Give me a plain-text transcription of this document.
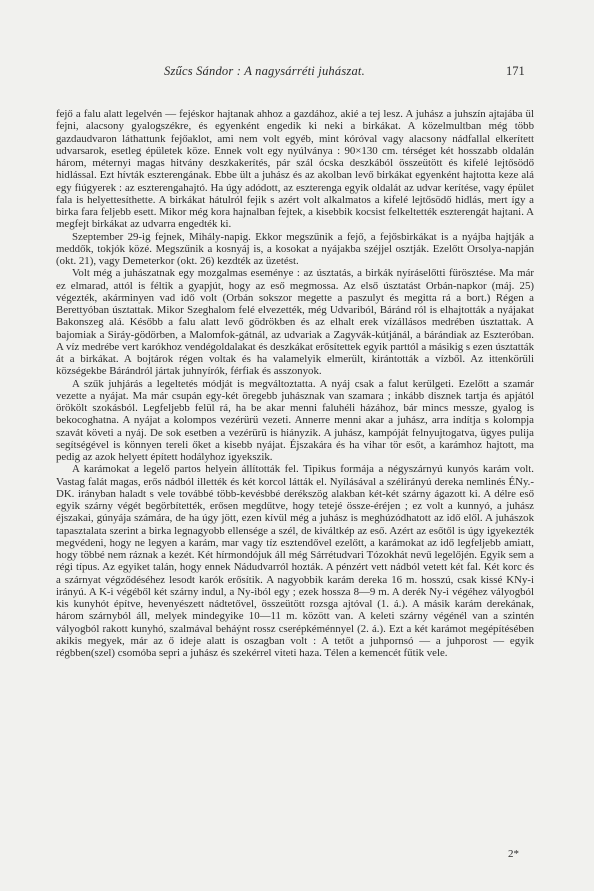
Szűcs Sándor : A nagysárréti juhászat.	171

fejő a falu alatt legelvén — fejéskor hajtanak ahhoz a gazdához, akié a tej lesz. A juhász a juhszín ajtajába ül fejni, alacsony gyalogszékre, és egyenként engedik ki neki a birkákat. A közelmultban még több gazdaudvaron láthattunk fejőaklot, ami nem volt egyéb, mint kóróval vagy alacsony nádfallal elkerített udvarsarok, esetleg épületek köze. Ennek volt egy nyúlványa : 90×130 cm. térséget két hosszabb oldalán három, méternyi magas hitvány deszkakerítés, pár szál ócska deszkából összeütött és kifelé lejtősödő hidlással. Ezt hívták eszterengának. Ebbe ült a juhász és az akolban levő birkákat egyenként hajtotta keze alá egy fiúgyerek : az eszterengahajtó. Ha úgy adódott, az eszterenga egyik oldalát az udvar kerítése, vagy épület fala is helyettesíthette. A birkákat hátulról fejik s azért volt alkalmatos a kifelé lejtősödő hidlás, mert így a birka fara feljebb esett. Mikor még kora hajnalban fejtek, a kisebbik kocsist felkeltették eszterengát hajtani. A megfejt birkákat az udvarra engedték ki.

Szeptember 29-ig fejnek, Mihály-napig. Ekkor megszűnik a fejő, a fejősbirkákat is a nyájba hajtják a meddők, tokjók közé. Megszűnik a kosnyáj is, a kosokat a nyájakba széjjel osztják. Ezelőtt Orsolya-napján (okt. 21), vagy Demeterkor (okt. 26) kezdték az üzetést.

Volt még a juhászatnak egy mozgalmas eseménye : az úsztatás, a birkák nyíráselőtti fürösztése. Ma már ez elmarad, attól is féltik a gyapjút, hogy az eső megmossa. Az első úsztatást Orbán-napkor (máj. 25) végezték, akárminyen vad idő volt (Orbán sokszor megette a paszulyt és megitta rá a bort.) Régen a Berettyóban úsztattak. Mikor Szeghalom felé elvezették, még Udvariból, Báránd ról is elhajtották a nyájakat Bakonszeg alá. Később a falu alatt levő gödrökben és az elhalt erek vízállásos medrében úsztattak. A bajomiak a Siráy-gödörben, a Malomfok-gátnál, az udvariak a Zagyvák-kútjánál, a bárándiak az Eszteróban. A víz medrébe vert karókhoz vendégoldalakat és deszkákat erősítettek egyik parttól a másikig s ezen úsztatták át a birkákat. A bojtárok régen voltak és ha valamelyik elmerült, kirántották a vízből. Az ittenkörüli községekbe Bárándról jártak juhnyírók, férfiak és asszonyok.

A szűk juhjárás a legeltetés módját is megváltoztatta. A nyáj csak a falut kerülgeti. Ezelőtt a szamár vezette a nyájat. Ma már csupán egy-két öregebb juhásznak van szamara ; inkább disznek tartja és apjától örökölt szokásból. Legfeljebb felül rá, ha be akar menni faluhéli házához, bár mincs messze, gyalog is bekocoghatna. A nyájat a kolompos vezérürü vezeti. Annerre menni akar a juhász, arra indítja s kolompja szavát követi a nyáj. De sok esetben a vezérürü is hiányzik. A juhász, kampóját felnyujtogatva, ügyes pulija segítségével is könnyen tereli őket a kisebb nyájat. Éjszakára és ha vihar tör esőt, a karámhoz hajtott, ma pedig az azok helyett épített hodályhoz igyekszik.

A karámokat a legelő partos helyein állították fel. Tipikus formája a négyszárnyú kunyós karám volt. Vastag falát magas, erős nádból illették és két korcol látták el. Nyílásával a szélirányú dereka nemlinés ÉNy.-DK. irányban haladt s vele továbbé több-kevésbbé derékszög alakban két-két szárny ágazott ki. A délre eső egyik szárny végét begörbítették, erősen megdűtve, hogy tetejé össze-éréjen ; ez volt a kunnyó, a juhász éjszakai, gúnyája számára, de ha úgy jött, ezen kívül még a juhász is meghúzódhatott az idő elől. A juhászok tapasztalata szerint a birka legnagyobb ellensége a szél, de kiváltkép az eső. Azért az esőtől is úgy igyekezték megvédeni, hogy ne legyen a karám, mar vagy tíz esztendővel ezelőtt, a karámokat az idő legfeljebb amiatt, hogy többé nem ráznak a kezét. Két hírmondójuk áll még Sárrétudvari Tózokhát nevű legelőjén. Egyik sem a régi típus. Az egyiket talán, hogy ennek Nádudvarról hozták. A pénzért vett nádból vetett két fal. Két korc és a szárnyat végződéséhez lesodt karók erősítik. A nagyobbik karám dereka 16 m. hosszú, csak kissé KNy-i irányú. A K-i végéből két szárny indul, a Ny-iból egy ; ezek hossza 8—9 m. A derék Ny-i végéhez vályogból kis kunyhót építve, hevenyészett nádtetővel, összeütött rozsga ajtóval (1. á.). A másik karám derekának, három szárnyból áll, melyek mindegyike 10—11 m. között van. A keleti szárny végénél van a szintén vályogból rakott kunyhó, szalmával beháýnt rossz cserépkéménnyel (2. á.). Ezt a két karámot megépítésében akikis megyek, már az ő ideje alatt is oszagban volt : A tetőt a juhpornsó — a juhporost — egyik régbben(szel) csomóba sepri a juhász és szekérrel viteti haza. Télen a kemencét fűtik vele.

2*
